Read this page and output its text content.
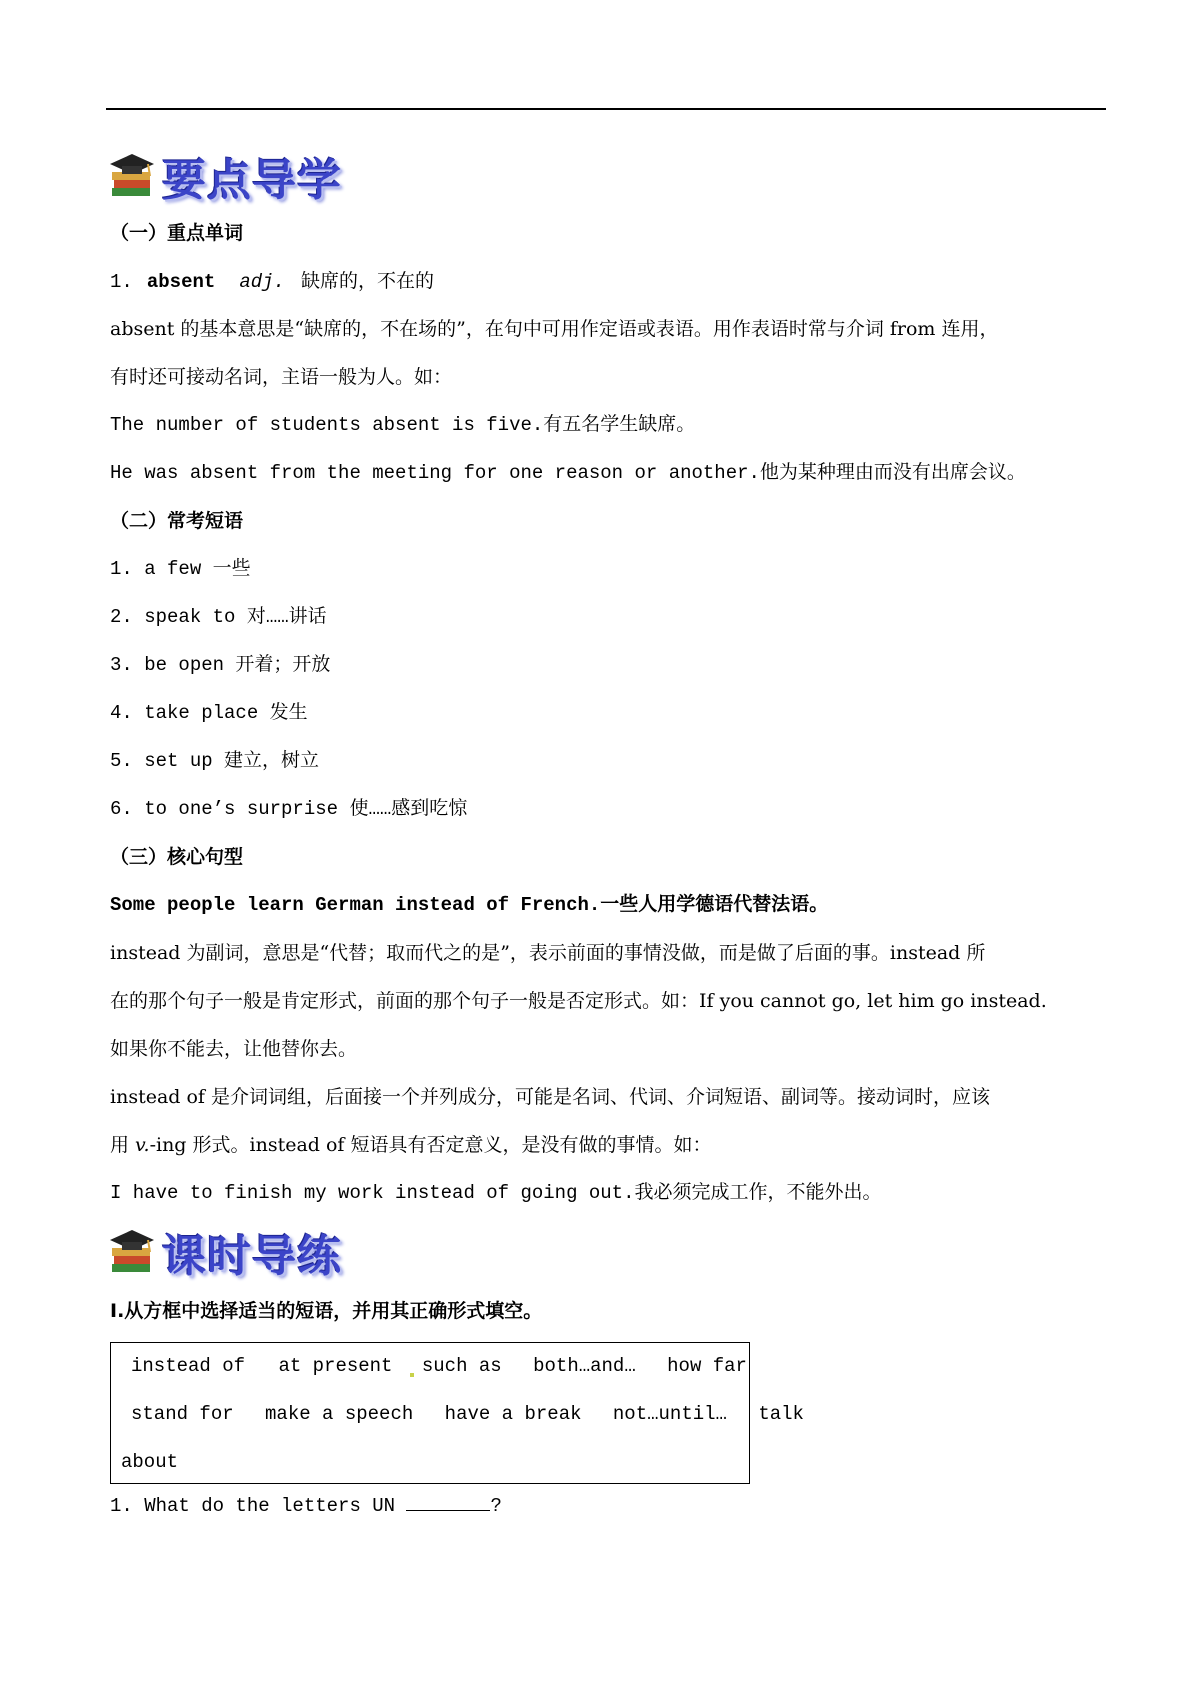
要点导学
（一）重点单词
1. absent adj. 缺席的，不在的
absent 的基本意思是“缺席的，不在场的”，在句中可用作定语或表语。用作表语时常与介词 from 连用，
有时还可接动名词，主语一般为人。如：
The number of students absent is five.有五名学生缺席。
He was absent from the meeting for one reason or another.他为某种理由而没有出席会议。
（二）常考短语
1. a few 一些
2. speak to 对……讲话
3. be open 开着；开放
4. take place 发生
5. set up 建立，树立
6. to one’s surprise 使……感到吃惊
（三）核心句型
Some people learn German instead of French.一些人用学德语代替法语。
instead 为副词，意思是“代替；取而代之的是”，表示前面的事情没做，而是做了后面的事。instead 所
在的那个句子一般是肯定形式，前面的那个句子一般是否定形式。如：If you cannot go, let him go instead.
如果你不能去，让他替你去。
instead of 是介词词组，后面接一个并列成分，可能是名词、代词、介词短语、副词等。接动词时，应该
用 v.-ing 形式。instead of 短语具有否定意义，是没有做的事情。如：
I have to finish my work instead of going out.我必须完成工作，不能外出。
课时导练
Ⅰ.从方框中选择适当的短语，并用其正确形式填空。
instead of at present such as both…and… how far
stand for make a speech have a break not…until… talk
about
1. What do the letters UN	?
